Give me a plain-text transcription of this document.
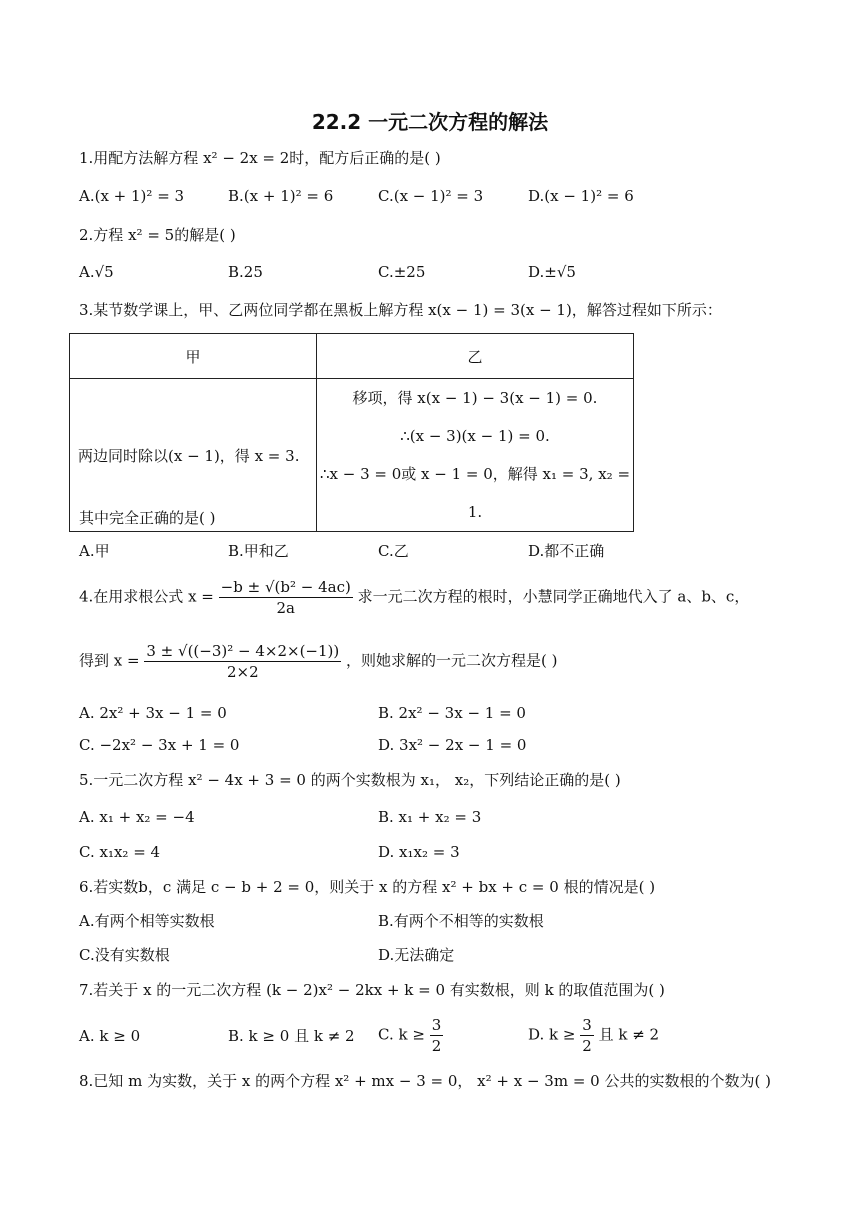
22.2 一元二次方程的解法
1.用配方法解方程 x² − 2x = 2时，配方后正确的是( )
A.(x + 1)² = 3	B.(x + 1)² = 6	C.(x − 1)² = 3	D.(x − 1)² = 6
2.方程 x² = 5的解是( )
A.√5	B.25	C.±25	D.±√5
3.某节数学课上，甲、乙两位同学都在黑板上解方程 x(x − 1) = 3(x − 1)，解答过程如下所示：
甲	乙
两边同时除以(x − 1)，得 x = 3.	移项，得 x(x − 1) − 3(x − 1) = 0.
∴(x − 3)(x − 1) = 0.
∴x − 3 = 0或 x − 1 = 0，解得 x₁ = 3, x₂ = 1.
其中完全正确的是( )
A.甲	B.甲和乙	C.乙	D.都不正确
4.在用求根公式 $x = \frac{\text{−b ± √(b² − 4ac)}}{2a}$ 求一元二次方程的根时，小慧同学正确地代入了 a、b、c，
得到 $x = \frac{\text{3 ± √((−3)² − 4×2×(−1))}}{2\times 2}$ ，则她求解的一元二次方程是( )
A. 2x² + 3x − 1 = 0	B. 2x² − 3x − 1 = 0
C. −2x² − 3x + 1 = 0	D. 3x² − 2x − 1 = 0
5.一元二次方程 x² − 4x + 3 = 0 的两个实数根为 x₁， x₂，下列结论正确的是( )
A. x₁ + x₂ = −4	B. x₁ + x₂ = 3
C. x₁x₂ = 4	D. x₁x₂ = 3
6.若实数b，c 满足 c − b + 2 = 0，则关于 x 的方程 x² + bx + c = 0 根的情况是( )
A.有两个相等实数根	B.有两个不相等的实数根
C.没有实数根	D.无法确定
7.若关于 x 的一元二次方程 (k − 2)x² − 2kx + k = 0 有实数根，则 k 的取值范围为( )
A. k ≥ 0	B. k ≥ 0 且 k ≠ 2 C. $k \ge \frac{3}{2}$	D. $k \ge \frac{3}{2}$ 且 k ≠ 2
8.已知 m 为实数，关于 x 的两个方程 x² + mx − 3 = 0， x² + x − 3m = 0 公共的实数根的个数为( )
